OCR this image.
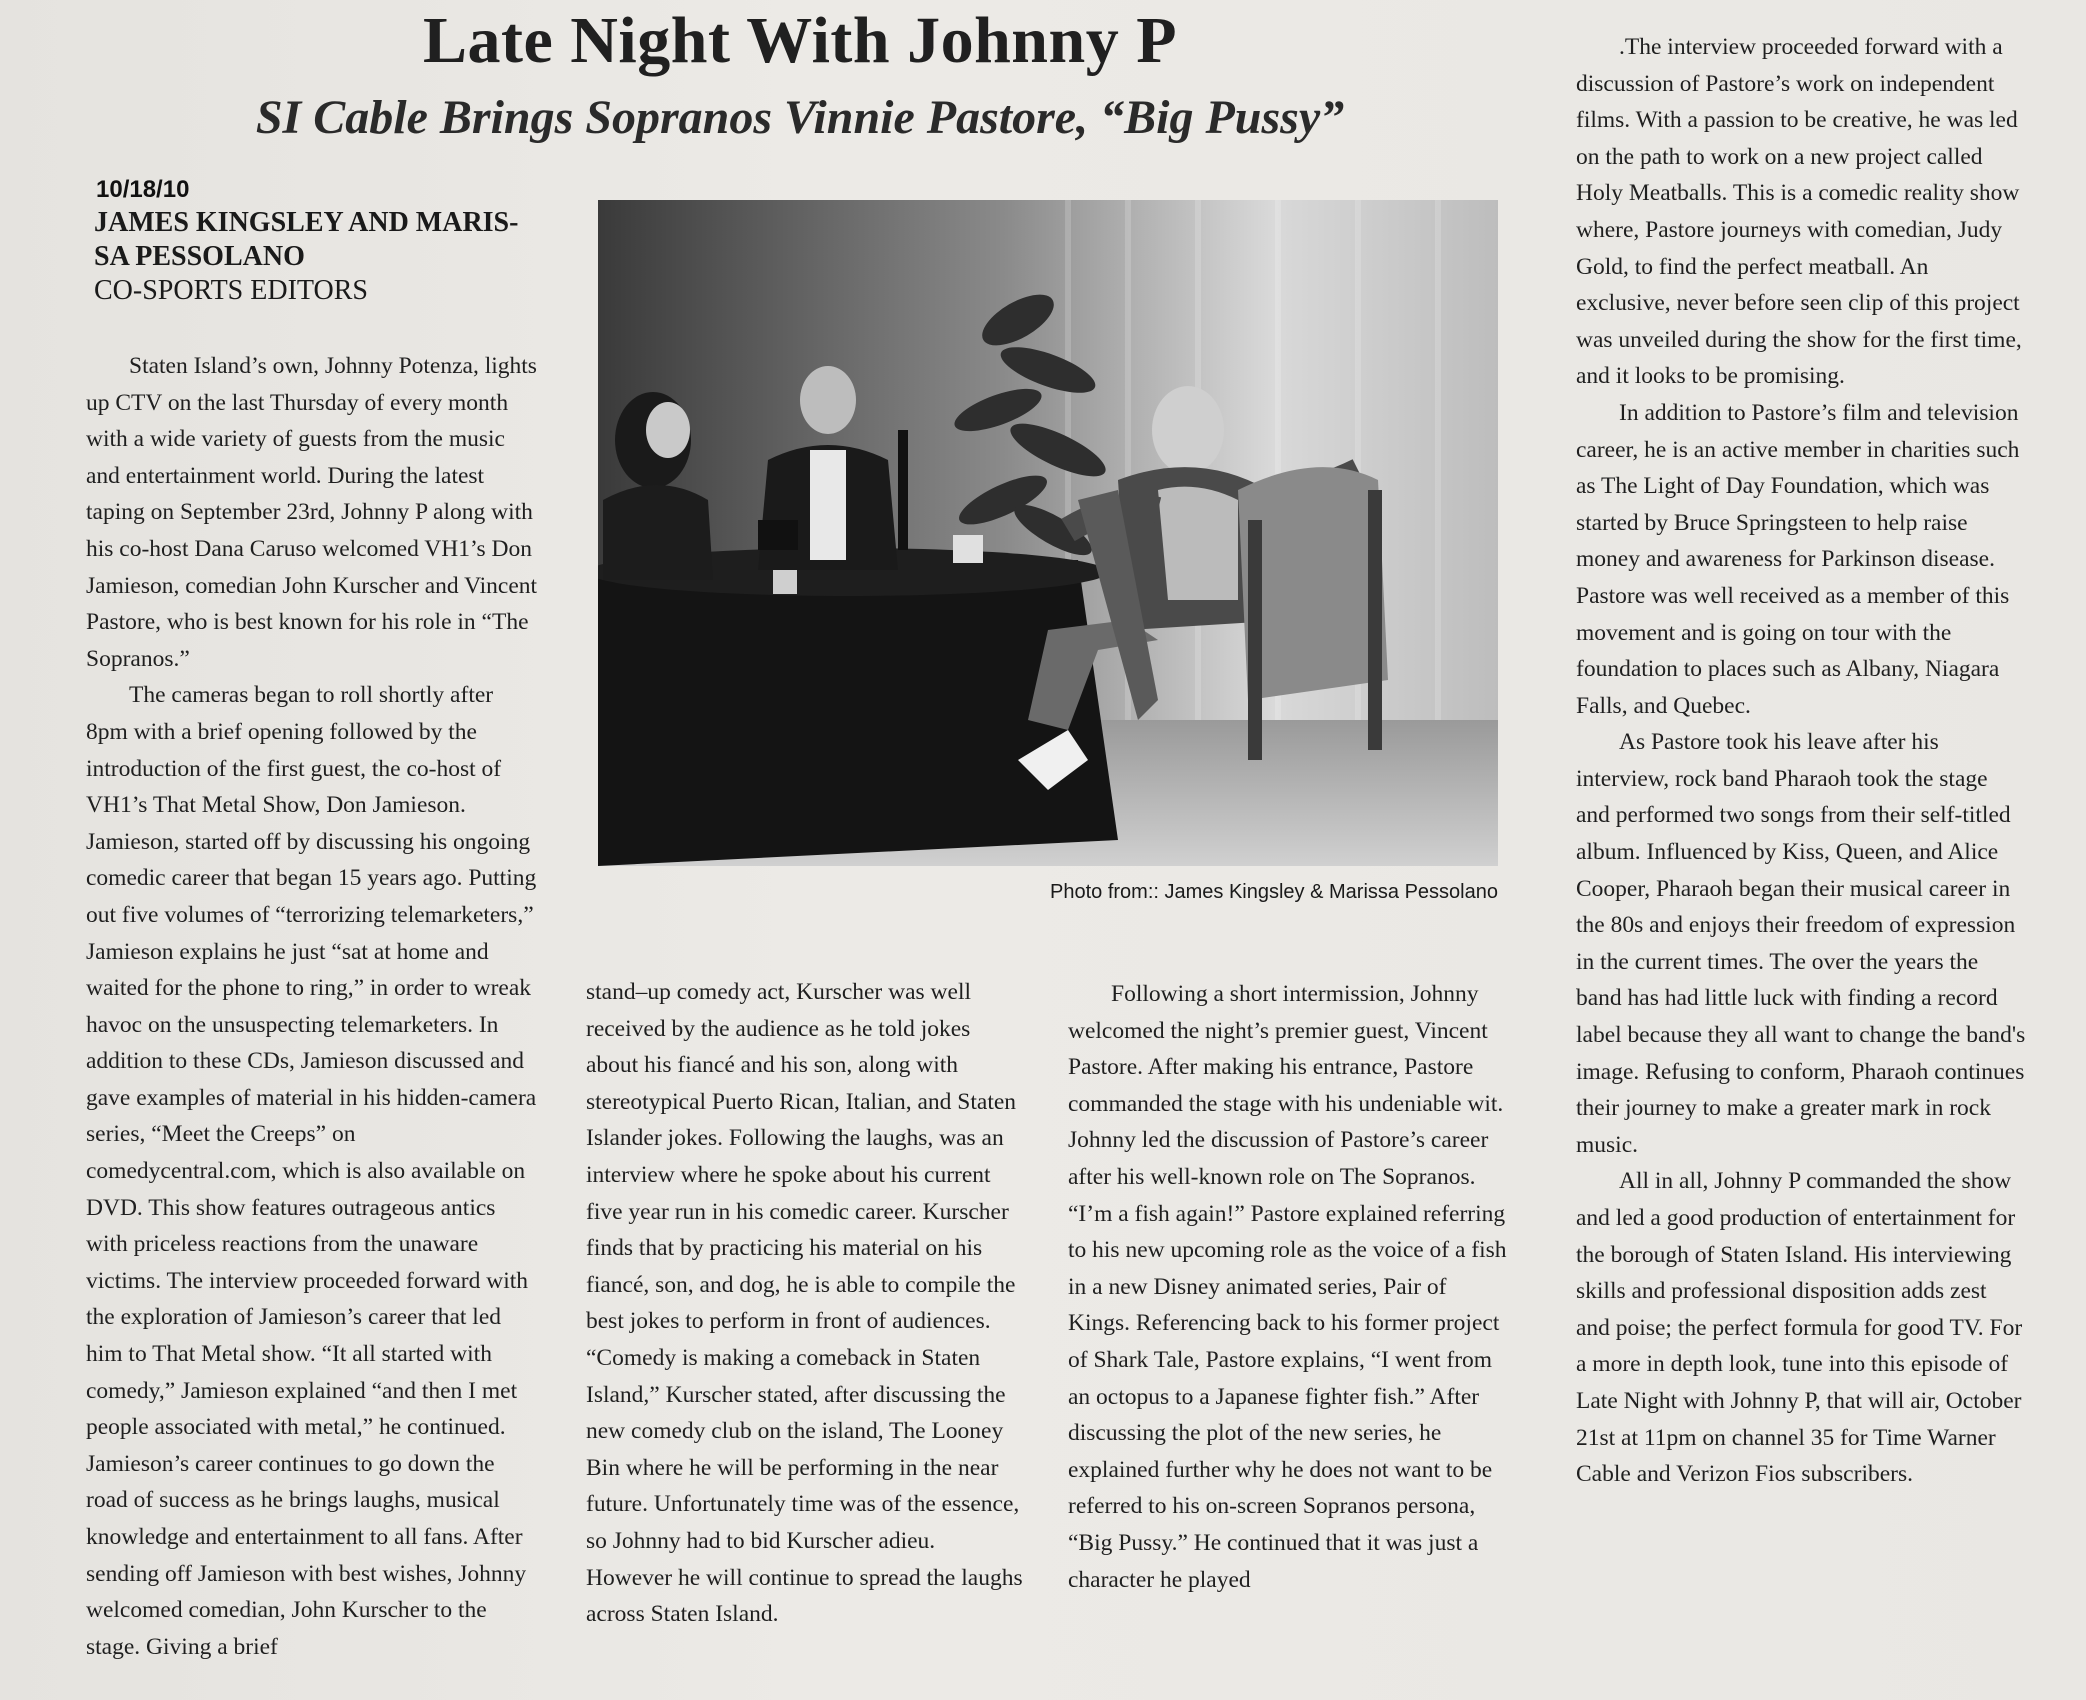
Late Night With Johnny P
SI Cable Brings Sopranos Vinnie Pastore, “Big Pussy”
10/18/10
JAMES KINGSLEY AND MARIS-SA PESSOLANO
CO-SPORTS EDITORS

Staten Island’s own, Johnny Potenza, lights up CTV on the last Thursday of every month with a wide variety of guests from the music and entertainment world. During the latest taping on September 23rd, Johnny P along with his co-host Dana Caruso welcomed VH1’s Don Jamieson, comedian John Kurscher and Vincent Pastore, who is best known for his role in “The Sopranos.”

The cameras began to roll shortly after 8pm with a brief opening followed by the introduction of the first guest, the co-host of VH1’s That Metal Show, Don Jamieson. Jamieson, started off by discussing his ongoing comedic career that began 15 years ago. Putting out five volumes of “terrorizing telemarketers,” Jamieson explains he just “sat at home and waited for the phone to ring,” in order to wreak havoc on the unsuspecting telemarketers. In addition to these CDs, Jamieson discussed and gave examples of material in his hidden-camera series, “Meet the Creeps” on comedycentral.com, which is also available on DVD. This show features outrageous antics with priceless reactions from the unaware victims. The interview proceeded forward with the exploration of Jamieson’s career that led him to That Metal show. “It all started with comedy,” Jamieson explained “and then I met people associated with metal,” he continued. Jamieson’s career continues to go down the road of success as he brings laughs, musical knowledge and entertainment to all fans. After sending off Jamieson with best wishes, Johnny welcomed comedian, John Kurscher to the stage. Giving a brief

Photo from:: James Kingsley & Marissa Pessolano

stand–up comedy act, Kurscher was well received by the audience as he told jokes about his fiancé and his son, along with stereotypical Puerto Rican, Italian, and Staten Islander jokes. Following the laughs, was an interview where he spoke about his current five year run in his comedic career. Kurscher finds that by practicing his material on his fiancé, son, and dog, he is able to compile the best jokes to perform in front of audiences. “Comedy is making a comeback in Staten Island,” Kurscher stated, after discussing the new comedy club on the island, The Looney Bin where he will be performing in the near future. Unfortunately time was of the essence, so Johnny had to bid Kurscher adieu. However he will continue to spread the laughs across Staten Island.

Following a short intermission, Johnny welcomed the night’s premier guest, Vincent Pastore. After making his entrance, Pastore commanded the stage with his undeniable wit. Johnny led the discussion of Pastore’s career after his well-known role on The Sopranos. “I’m a fish again!” Pastore explained referring to his new upcoming role as the voice of a fish in a new Disney animated series, Pair of Kings. Referencing back to his former project of Shark Tale, Pastore explains, “I went from an octopus to a Japanese fighter fish.” After discussing the plot of the new series, he explained further why he does not want to be referred to his on-screen Sopranos persona, “Big Pussy.” He continued that it was just a character he played

.The interview proceeded forward with a discussion of Pastore’s work on independent films. With a passion to be creative, he was led on the path to work on a new project called Holy Meatballs. This is a comedic reality show where, Pastore journeys with comedian, Judy Gold, to find the perfect meatball. An exclusive, never before seen clip of this project was unveiled during the show for the first time, and it looks to be promising.

In addition to Pastore’s film and television career, he is an active member in charities such as The Light of Day Foundation, which was started by Bruce Springsteen to help raise money and awareness for Parkinson disease. Pastore was well received as a member of this movement and is going on tour with the foundation to places such as Albany, Niagara Falls, and Quebec.

As Pastore took his leave after his interview, rock band Pharaoh took the stage and performed two songs from their self-titled album. Influenced by Kiss, Queen, and Alice Cooper, Pharaoh began their musical career in the 80s and enjoys their freedom of expression in the current times. The over the years the band has had little luck with finding a record label because they all want to change the band's image. Refusing to conform, Pharaoh continues their journey to make a greater mark in rock music.

All in all, Johnny P commanded the show and led a good production of entertainment for the borough of Staten Island. His interviewing skills and professional disposition adds zest and poise; the perfect formula for good TV. For a more in depth look, tune into this episode of Late Night with Johnny P, that will air, October 21st at 11pm on channel 35 for Time Warner Cable and Verizon Fios subscribers.
